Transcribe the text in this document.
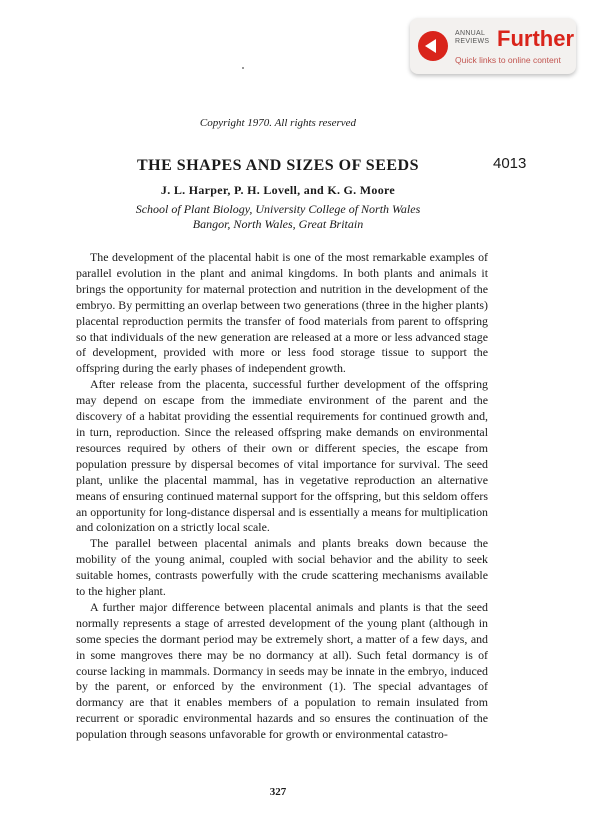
ANNUAL
REVIEWS Further
Quick links to online content
Copyright 1970. All rights reserved
THE SHAPES AND SIZES OF SEEDS	4013
J. L. Harper, P. H. Lovell, and K. G. Moore
School of Plant Biology, University College of North Wales
Bangor, North Wales, Great Britain

The development of the placental habit is one of the most remarkable examples of parallel evolution in the plant and animal kingdoms. In both plants and animals it brings the opportunity for maternal protection and nutrition in the development of the embryo. By permitting an overlap between two generations (three in the higher plants) placental reproduction permits the transfer of food materials from parent to offspring so that individuals of the new generation are released at a more or less advanced stage of development, provided with more or less food storage tissue to support the offspring during the early phases of independent growth.

After release from the placenta, successful further development of the offspring may depend on escape from the immediate environment of the parent and the discovery of a habitat providing the essential requirements for continued growth and, in turn, reproduction. Since the released offspring make demands on environmental resources required by others of their own or different species, the escape from population pressure by dispersal becomes of vital importance for survival. The seed plant, unlike the placental mammal, has in vegetative reproduction an alternative means of ensuring continued maternal support for the offspring, but this seldom offers an opportunity for long-distance dispersal and is essentially a means for multiplication and colonization on a strictly local scale.

The parallel between placental animals and plants breaks down because the mobility of the young animal, coupled with social behavior and the ability to seek suitable homes, contrasts powerfully with the crude scattering mechanisms available to the higher plant.

A further major difference between placental animals and plants is that the seed normally represents a stage of arrested development of the young plant (although in some species the dormant period may be extremely short, a matter of a few days, and in some mangroves there may be no dormancy at all). Such fetal dormancy is of course lacking in mammals. Dormancy in seeds may be innate in the embryo, induced by the parent, or enforced by the environment (1). The special advantages of dormancy are that it enables members of a population to remain insulated from recurrent or sporadic environmental hazards and so ensures the continuation of the population through seasons unfavorable for growth or environmental catastro-

327
